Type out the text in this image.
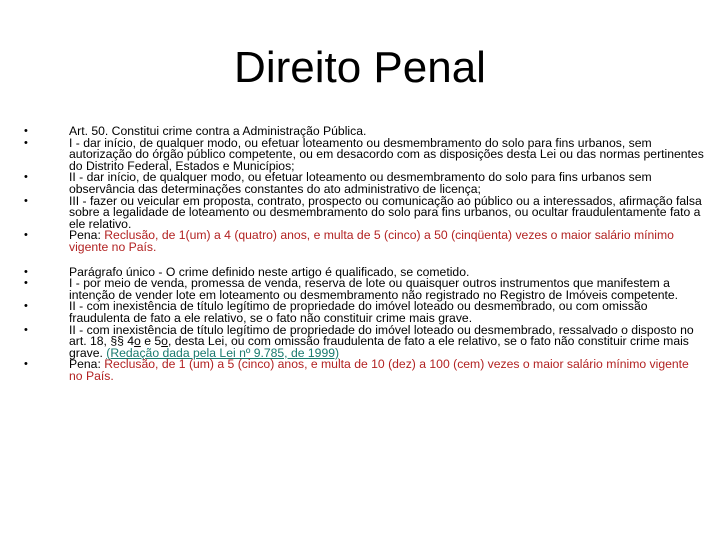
Direito Penal
•	Art. 50. Constitui crime contra a Administração Pública.
•	I - dar início, de qualquer modo, ou efetuar loteamento ou desmembramento do solo para fins urbanos, sem autorização do órgão público competente, ou em desacordo com as disposições desta Lei ou das normas pertinentes do Distrito Federal, Estados e Municípios;
•	II - dar início, de qualquer modo, ou efetuar loteamento ou desmembramento do solo para fins urbanos sem observância das determinações constantes do ato administrativo de licença;
•	III - fazer ou veicular em proposta, contrato, prospecto ou comunicação ao público ou a interessados, afirmação falsa sobre a legalidade de loteamento ou desmembramento do solo para fins urbanos, ou ocultar fraudulentamente fato a ele relativo.
•	Pena: Reclusão, de 1(um) a 4 (quatro) anos, e multa de 5 (cinco) a 50 (cinqüenta) vezes o maior salário mínimo vigente no País.
•	Parágrafo único - O crime definido neste artigo é qualificado, se cometido.
•	I - por meio de venda, promessa de venda, reserva de lote ou quaisquer outros instrumentos que manifestem a intenção de vender lote em loteamento ou desmembramento não registrado no Registro de Imóveis competente.
•	II - com inexistência de título legítimo de propriedade do imóvel loteado ou desmembrado, ou com omissão fraudulenta de fato a ele relativo, se o fato não constituir crime mais grave.
•	II - com inexistência de título legítimo de propriedade do imóvel loteado ou desmembrado, ressalvado o disposto no art. 18, §§ 4o e 5o, desta Lei, ou com omissão fraudulenta de fato a ele relativo, se o fato não constituir crime mais grave. (Redação dada pela Lei nº 9.785, de 1999)
•	Pena: Reclusão, de 1 (um) a 5 (cinco) anos, e multa de 10 (dez) a 100 (cem) vezes o maior salário mínimo vigente no País.
